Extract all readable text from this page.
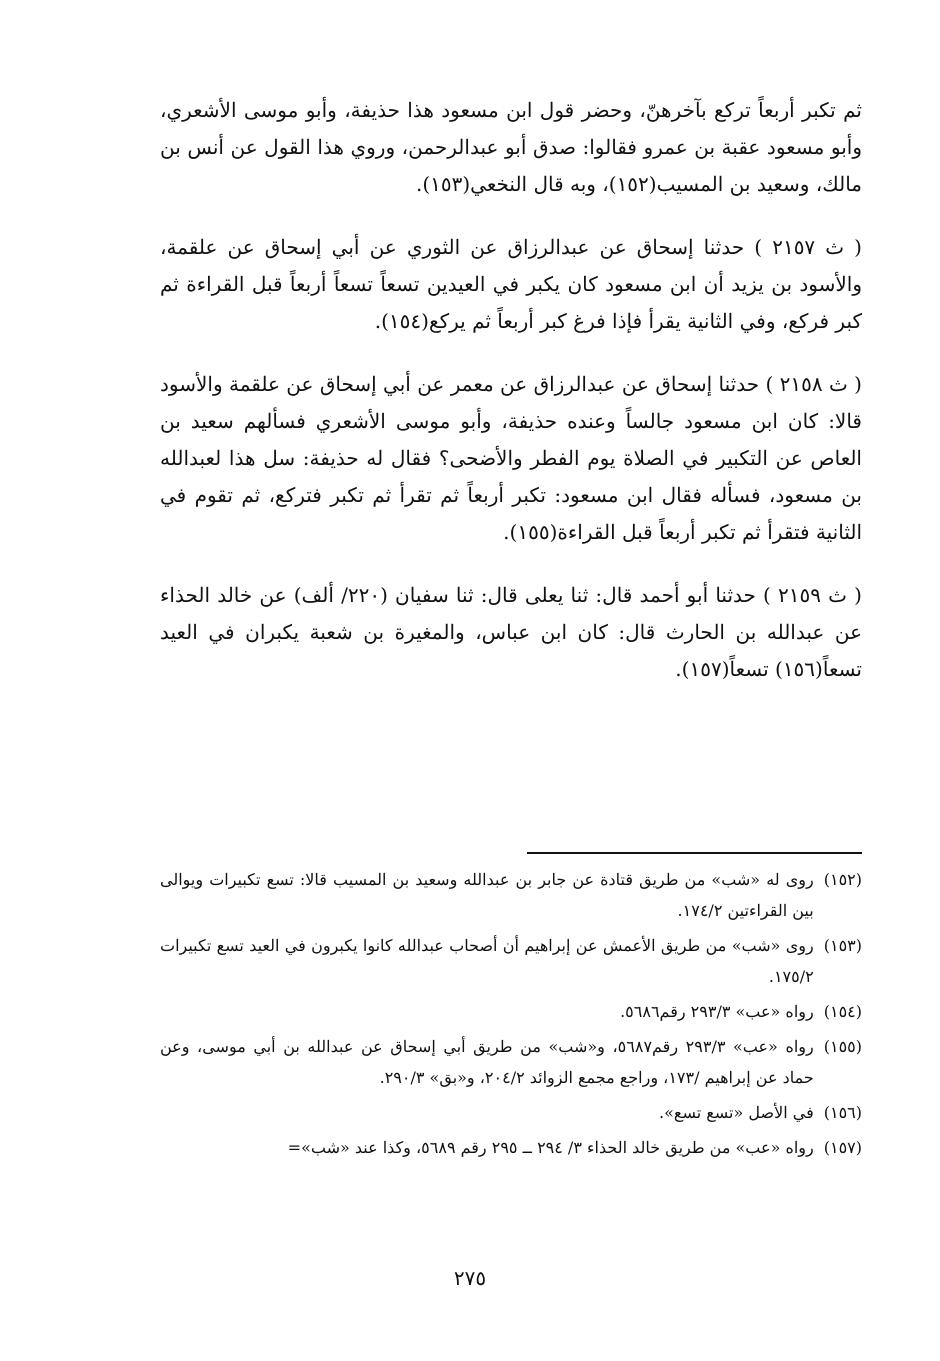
ثم تكبر أربعاً تركع بآخرهنّ، وحضر قول ابن مسعود هذا حذيفة، وأبو موسى الأشعري، وأبو مسعود عقبة بن عمرو فقالوا: صدق أبو عبدالرحمن، وروي هذا القول عن أنس بن مالك، وسعيد بن المسيب(١٥٢)، وبه قال النخعي(١٥٣).

( ث ٢١٥٧ ) حدثنا إسحاق عن عبدالرزاق عن الثوري عن أبي إسحاق عن علقمة، والأسود بن يزيد أن ابن مسعود كان يكبر في العيدين تسعاً تسعاً أربعاً قبل القراءة ثم كبر فركع، وفي الثانية يقرأ فإذا فرغ كبر أربعاً ثم يركع(١٥٤).

( ث ٢١٥٨ ) حدثنا إسحاق عن عبدالرزاق عن معمر عن أبي إسحاق عن علقمة والأسود قالا: كان ابن مسعود جالساً وعنده حذيفة، وأبو موسى الأشعري فسألهم سعيد بن العاص عن التكبير في الصلاة يوم الفطر والأضحى؟ فقال له حذيفة: سل هذا لعبدالله بن مسعود، فسأله فقال ابن مسعود: تكبر أربعاً ثم تقرأ ثم تكبر فتركع، ثم تقوم في الثانية فتقرأ ثم تكبر أربعاً قبل القراءة(١٥٥).

( ث ٢١٥٩ ) حدثنا أبو أحمد قال: ثنا يعلى قال: ثنا سفيان (٢٢٠/ ألف) عن خالد الحذاء عن عبدالله بن الحارث قال: كان ابن عباس، والمغيرة بن شعبة يكبران في العيد تسعاً(١٥٦) تسعاً(١٥٧).

(١٥٢)
روى له «شب» من طريق قتادة عن جابر بن عبدالله وسعيد بن المسيب قالا: تسع تكبيرات ويوالى بين القراءتين ١٧٤/٢.
(١٥٣)
روى «شب» من طريق الأعمش عن إبراهيم أن أصحاب عبدالله كانوا يكبرون في العيد تسع تكبيرات ١٧٥/٢.
(١٥٤)
رواه «عب» ٢٩٣/٣ رقم٥٦٨٦.
(١٥٥)
رواه «عب» ٢٩٣/٣ رقم٥٦٨٧، و«شب» من طريق أبي إسحاق عن عبدالله بن أبي موسى، وعن حماد عن إبراهيم /١٧٣، وراجع مجمع الزوائد ٢٠٤/٢، و«بق» ٢٩٠/٣.
(١٥٦)
في الأصل «تسع تسع».
(١٥٧)
رواه «عب» من طريق خالد الحذاء ٣/ ٢٩٤ ــ ٢٩٥ رقم ٥٦٨٩، وكذا عند «شب»=
٢٧٥
